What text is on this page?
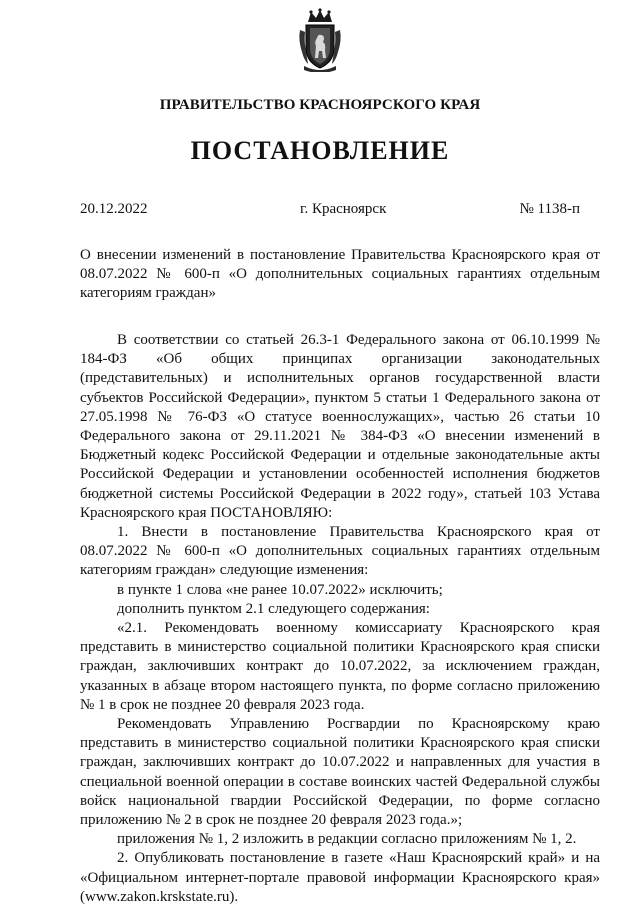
ПРАВИТЕЛЬСТВО КРАСНОЯРСКОГО КРАЯ
ПОСТАНОВЛЕНИЕ
20.12.2022	г. Красноярск	№ 1138-п
О внесении изменений в постановление Правительства Красноярского края от 08.07.2022 № 600-п «О дополнительных социальных гарантиях отдельным категориям граждан»

В соответствии со статьей 26.3-1 Федерального закона от 06.10.1999 № 184-ФЗ «Об общих принципах организации законодательных (представительных) и исполнительных органов государственной власти субъектов Российской Федерации», пунктом 5 статьи 1 Федерального закона от 27.05.1998 № 76-ФЗ «О статусе военнослужащих», частью 26 статьи 10 Федерального закона от 29.11.2021 № 384-ФЗ «О внесении изменений в Бюджетный кодекс Российской Федерации и отдельные законодательные акты Российской Федерации и установлении особенностей исполнения бюджетов бюджетной системы Российской Федерации в 2022 году», статьей 103 Устава Красноярского края ПОСТАНОВЛЯЮ:

1. Внести в постановление Правительства Красноярского края от 08.07.2022 № 600-п «О дополнительных социальных гарантиях отдельным категориям граждан» следующие изменения:

в пункте 1 слова «не ранее 10.07.2022» исключить;

дополнить пунктом 2.1 следующего содержания:

«2.1. Рекомендовать военному комиссариату Красноярского края представить в министерство социальной политики Красноярского края списки граждан, заключивших контракт до 10.07.2022, за исключением граждан, указанных в абзаце втором настоящего пункта, по форме согласно приложению № 1 в срок не позднее 20 февраля 2023 года.

Рекомендовать Управлению Росгвардии по Красноярскому краю представить в министерство социальной политики Красноярского края списки граждан, заключивших контракт до 10.07.2022 и направленных для участия в специальной военной операции в составе воинских частей Федеральной службы войск национальной гвардии Российской Федерации, по форме согласно приложению № 2 в срок не позднее 20 февраля 2023 года.»;

приложения № 1, 2 изложить в редакции согласно приложениям № 1, 2.

2. Опубликовать постановление в газете «Наш Красноярский край» и на «Официальном интернет-портале правовой информации Красноярского края» (www.zakon.krskstate.ru).
